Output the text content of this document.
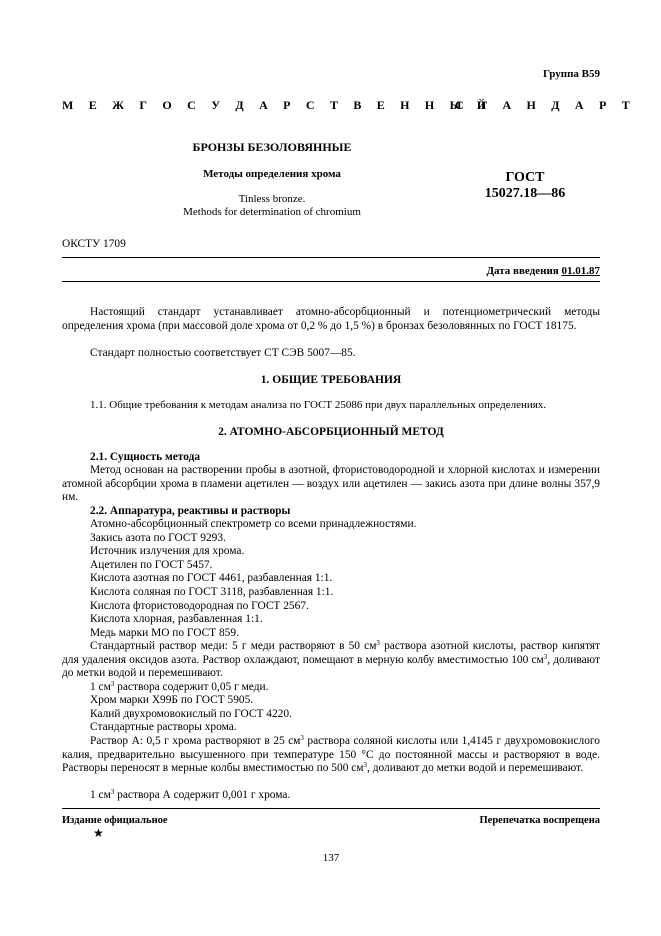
Группа В59
М Е Ж Г О С У Д А Р С Т В Е Н Н Ы Й
С Т А Н Д А Р Т
БРОНЗЫ БЕЗОЛОВЯННЫЕ
Методы определения хрома
Tinless bronze.
Methods for determination of chromium
ГОСТ
15027.18—86
ОКСТУ 1709
Дата введения 01.01.87
Настоящий стандарт устанавливает атомно-абсорбционный и потенциометрический методы определения хрома (при массовой доле хрома от 0,2 % до 1,5 %) в бронзах безоловянных по ГОСТ 18175.
Стандарт полностью соответствует СТ СЭВ 5007—85.
1. ОБЩИЕ ТРЕБОВАНИЯ
1.1. Общие требования к методам анализа по ГОСТ 25086 при двух параллельных определениях.
2. АТОМНО-АБСОРБЦИОННЫЙ МЕТОД
2.1. Сущность метода
Метод основан на растворении пробы в азотной, фтористоводородной и хлорной кислотах и измерении атомной абсорбции хрома в пламени ацетилен — воздух или ацетилен — закись азота при длине волны 357,9 нм.
2.2. Аппаратура, реактивы и растворы
Атомно-абсорбционный спектрометр со всеми принадлежностями.
Закись азота по ГОСТ 9293.
Источник излучения для хрома.
Ацетилен по ГОСТ 5457.
Кислота азотная по ГОСТ 4461, разбавленная 1:1.
Кислота соляная по ГОСТ 3118, разбавленная 1:1.
Кислота фтористоводородная по ГОСТ 2567.
Кислота хлорная, разбавленная 1:1.
Медь марки МО по ГОСТ 859.
Стандартный раствор меди: 5 г меди растворяют в 50 $см^3$ раствора азотной кислоты, раствор кипятят для удаления оксидов азота. Раствор охлаждают, помещают в мерную колбу вместимостью 100 $см^3$, доливают до метки водой и перемешивают.
1 $см^3$ раствора содержит 0,05 г меди.
Хром марки Х99Б по ГОСТ 5905.
Калий двухромовокислый по ГОСТ 4220.
Стандартные растворы хрома.
Раствор А: 0,5 г хрома растворяют в 25 $см^3$ раствора соляной кислоты или 1,4145 г двухромовокислого калия, предварительно высушенного при температуре 150 °С до постоянной массы и растворяют в воде. Растворы переносят в мерные колбы вместимостью по 500 $см^3$, доливают до метки водой и перемешивают.
1 $см^3$ раствора А содержит 0,001 г хрома.
Издание официальное
★
Перепечатка воспрещена
137
